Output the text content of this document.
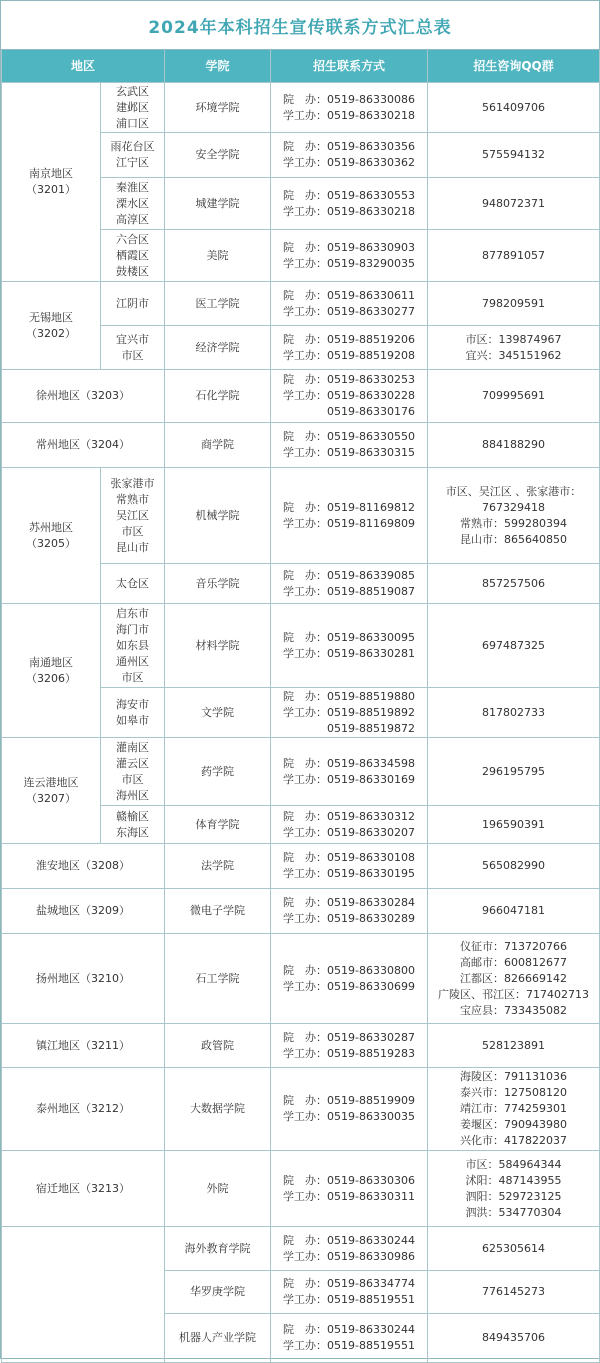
2024年本科招生宣传联系方式汇总表
地区		学院	招生联系方式	招生咨询QQ群

南京地区
（3201）	玄武区
建邺区
浦口区	环境学院	院　办：0519-86330086
学工办：0519-86330218	561409706

	雨花台区
江宁区	安全学院	院　办：0519-86330356
学工办：0519-86330362	575594132

	秦淮区
溧水区
高淳区	城建学院	院　办：0519-86330553
学工办：0519-86330218	948072371

	六合区
栖霞区
鼓楼区	美院	院　办：0519-86330903
学工办：0519-83290035	877891057

无锡地区
（3202）	江阴市	医工学院	院　办：0519-86330611
学工办：0519-86330277	798209591

	宜兴市
市区	经济学院	院　办：0519-88519206
学工办：0519-88519208	市区：139874967
宜兴：345151962

徐州地区（3203）		石化学院	院　办：0519-86330253
学工办：0519-86330228
　　　　0519-86330176	709995691

常州地区（3204）		商学院	院　办：0519-86330550
学工办：0519-86330315	884188290

苏州地区
（3205）	张家港市
常熟市
吴江区
市区
昆山市	机械学院	院　办：0519-81169812
学工办：0519-81169809	市区、吴江区 、张家港市：
767329418
常熟市：599280394
昆山市：865640850

	太仓区	音乐学院	院　办：0519-86339085
学工办：0519-88519087	857257506

南通地区
（3206）	启东市
海门市
如东县
通州区
市区	材料学院	院　办：0519-86330095
学工办：0519-86330281	697487325

	海安市
如皋市	文学院	院　办：0519-88519880
学工办：0519-88519892
　　　　0519-88519872	817802733

连云港地区
（3207）	灌南区
灌云区
市区
海州区	药学院	院　办：0519-86334598
学工办：0519-86330169	296195795

	赣榆区
东海区	体育学院	院　办：0519-86330312
学工办：0519-86330207	196590391

淮安地区（3208）		法学院	院　办：0519-86330108
学工办：0519-86330195	565082990

盐城地区（3209）		微电子学院	院　办：0519-86330284
学工办：0519-86330289	966047181

扬州地区（3210）		石工学院	院　办：0519-86330800
学工办：0519-86330699	仪征市：713720766
高邮市：600812677
江都区：826669142
广陵区、邗江区：717402713
宝应县：733435082

镇江地区（3211）		政管院	院　办：0519-86330287
学工办：0519-88519283	528123891

泰州地区（3212）		大数据学院	院　办：0519-88519909
学工办：0519-86330035	海陵区：791131036
泰兴市：127508120
靖江市：774259301
姜堰区：790943980
兴化市：417822037

宿迁地区（3213）		外院	院　办：0519-86330306
学工办：0519-86330311	市区：584964344
沭阳：487143955
泗阳：529723125
泗洪：534770304

		海外教育学院	院　办：0519-86330244
学工办：0519-86330986	625305614

		华罗庚学院	院　办：0519-86334774
学工办：0519-88519551	776145273

		机器人产业学院	院　办：0519-86330244
学工办：0519-88519551	849435706
